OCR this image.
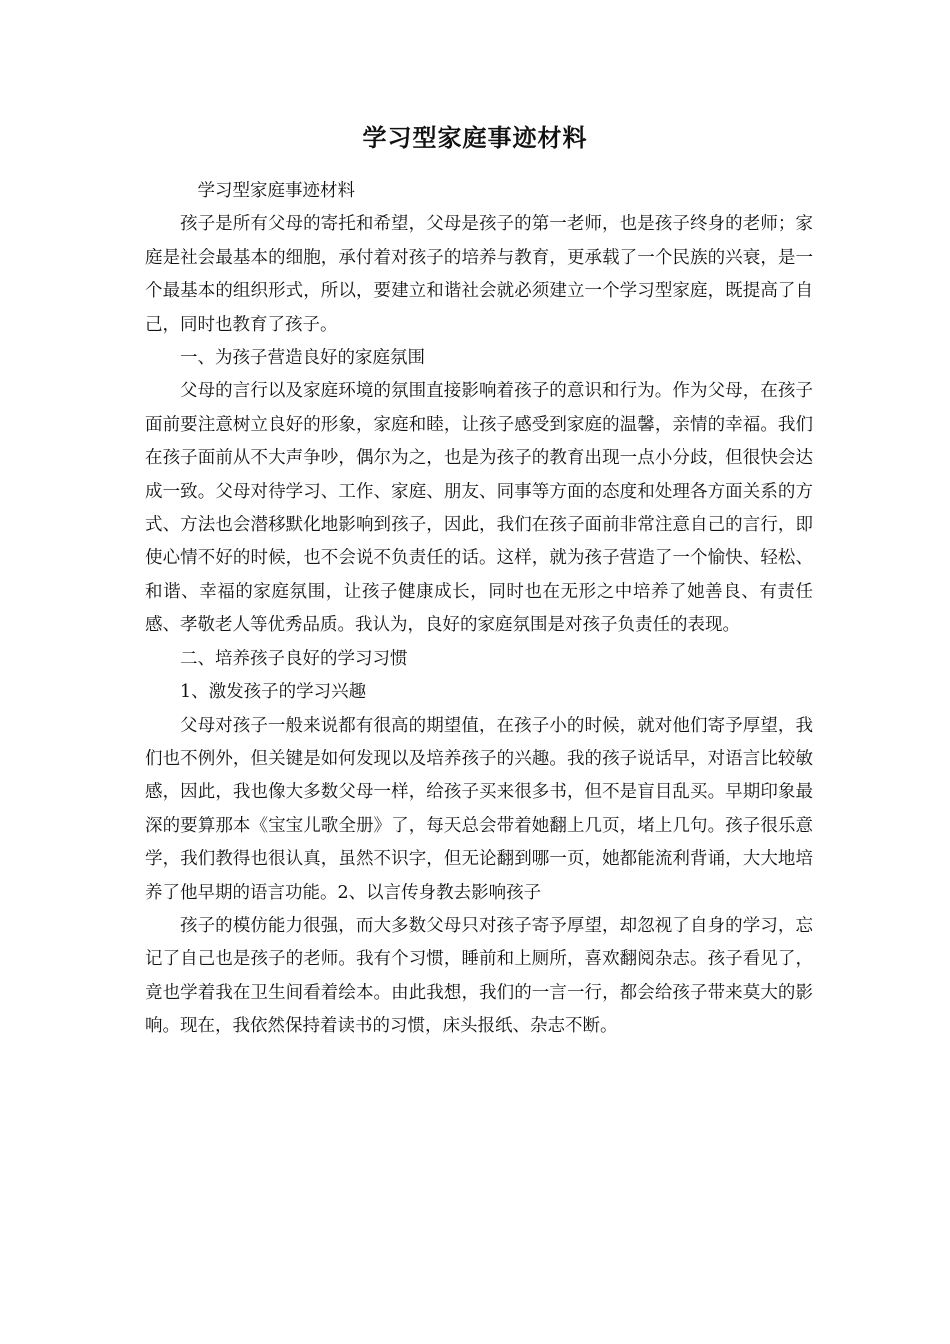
学习型家庭事迹材料

学习型家庭事迹材料

孩子是所有父母的寄托和希望，父母是孩子的第一老师，也是孩子终身的老师；家庭是社会最基本的细胞，承付着对孩子的培养与教育，更承载了一个民族的兴衰，是一个最基本的组织形式，所以，要建立和谐社会就必须建立一个学习型家庭，既提高了自己，同时也教育了孩子。

一、为孩子营造良好的家庭氛围

父母的言行以及家庭环境的氛围直接影响着孩子的意识和行为。作为父母，在孩子面前要注意树立良好的形象，家庭和睦，让孩子感受到家庭的温馨，亲情的幸福。我们在孩子面前从不大声争吵，偶尔为之，也是为孩子的教育出现一点小分歧，但很快会达成一致。父母对待学习、工作、家庭、朋友、同事等方面的态度和处理各方面关系的方式、方法也会潜移默化地影响到孩子，因此，我们在孩子面前非常注意自己的言行，即使心情不好的时候，也不会说不负责任的话。这样，就为孩子营造了一个愉快、轻松、和谐、幸福的家庭氛围，让孩子健康成长，同时也在无形之中培养了她善良、有责任感、孝敬老人等优秀品质。我认为，良好的家庭氛围是对孩子负责任的表现。

二、培养孩子良好的学习习惯

1、激发孩子的学习兴趣

父母对孩子一般来说都有很高的期望值，在孩子小的时候，就对他们寄予厚望，我们也不例外，但关键是如何发现以及培养孩子的兴趣。我的孩子说话早，对语言比较敏感，因此，我也像大多数父母一样，给孩子买来很多书，但不是盲目乱买。早期印象最深的要算那本《宝宝儿歌全册》了，每天总会带着她翻上几页，堵上几句。孩子很乐意学，我们教得也很认真，虽然不识字，但无论翻到哪一页，她都能流利背诵，大大地培养了他早期的语言功能。2、以言传身教去影响孩子

孩子的模仿能力很强，而大多数父母只对孩子寄予厚望，却忽视了自身的学习，忘记了自己也是孩子的老师。我有个习惯，睡前和上厕所，喜欢翻阅杂志。孩子看见了，竟也学着我在卫生间看着绘本。由此我想，我们的一言一行，都会给孩子带来莫大的影响。现在，我依然保持着读书的习惯，床头报纸、杂志不断。
